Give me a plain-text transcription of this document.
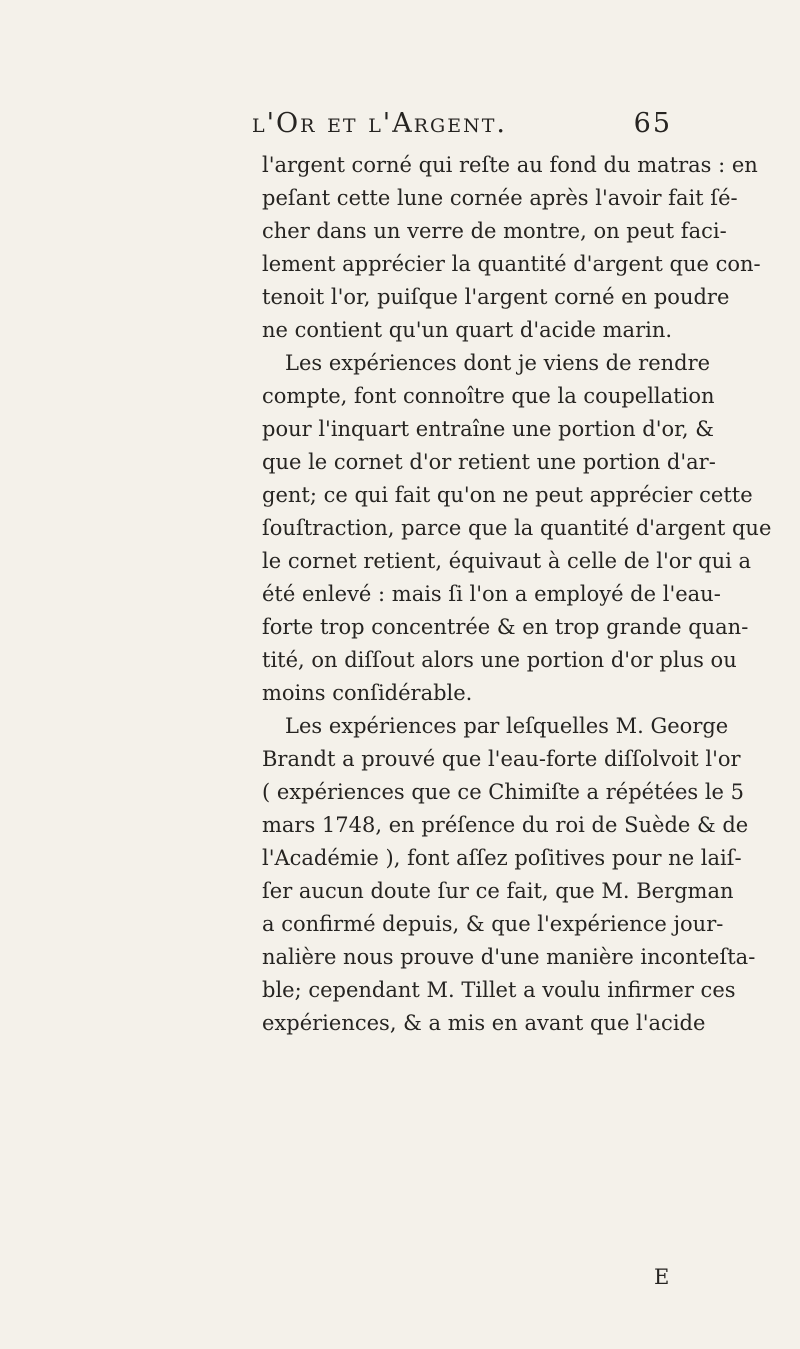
l'Or et l'Argent.	65
l'argent corné qui reſte au fond du matras : en
peſant cette lune cornée après l'avoir fait ſé-
cher dans un verre de montre, on peut faci-
lement apprécier la quantité d'argent que con-
tenoit l'or, puiſque l'argent corné en poudre
ne contient qu'un quart d'acide marin.
Les expériences dont je viens de rendre
compte, font connoître que la coupellation
pour l'inquart entraîne une portion d'or, &
que le cornet d'or retient une portion d'ar-
gent; ce qui fait qu'on ne peut apprécier cette
ſouſtraction, parce que la quantité d'argent que
le cornet retient, équivaut à celle de l'or qui a
été enlevé : mais ſi l'on a employé de l'eau-
forte trop concentrée & en trop grande quan-
tité, on diſſout alors une portion d'or plus ou
moins conſidérable.
Les expériences par leſquelles M. George
Brandt a prouvé que l'eau-forte diſſolvoit l'or
( expériences que ce Chimiſte a répétées le 5
mars 1748, en préſence du roi de Suède & de
l'Académie ), font aſſez poſitives pour ne laiſ-
ſer aucun doute ſur ce fait, que M. Bergman
a confirmé depuis, & que l'expérience jour-
nalière nous prouve d'une manière inconteſta-
ble; cependant M. Tillet a voulu infirmer ces
expériences, & a mis en avant que l'acide
E
